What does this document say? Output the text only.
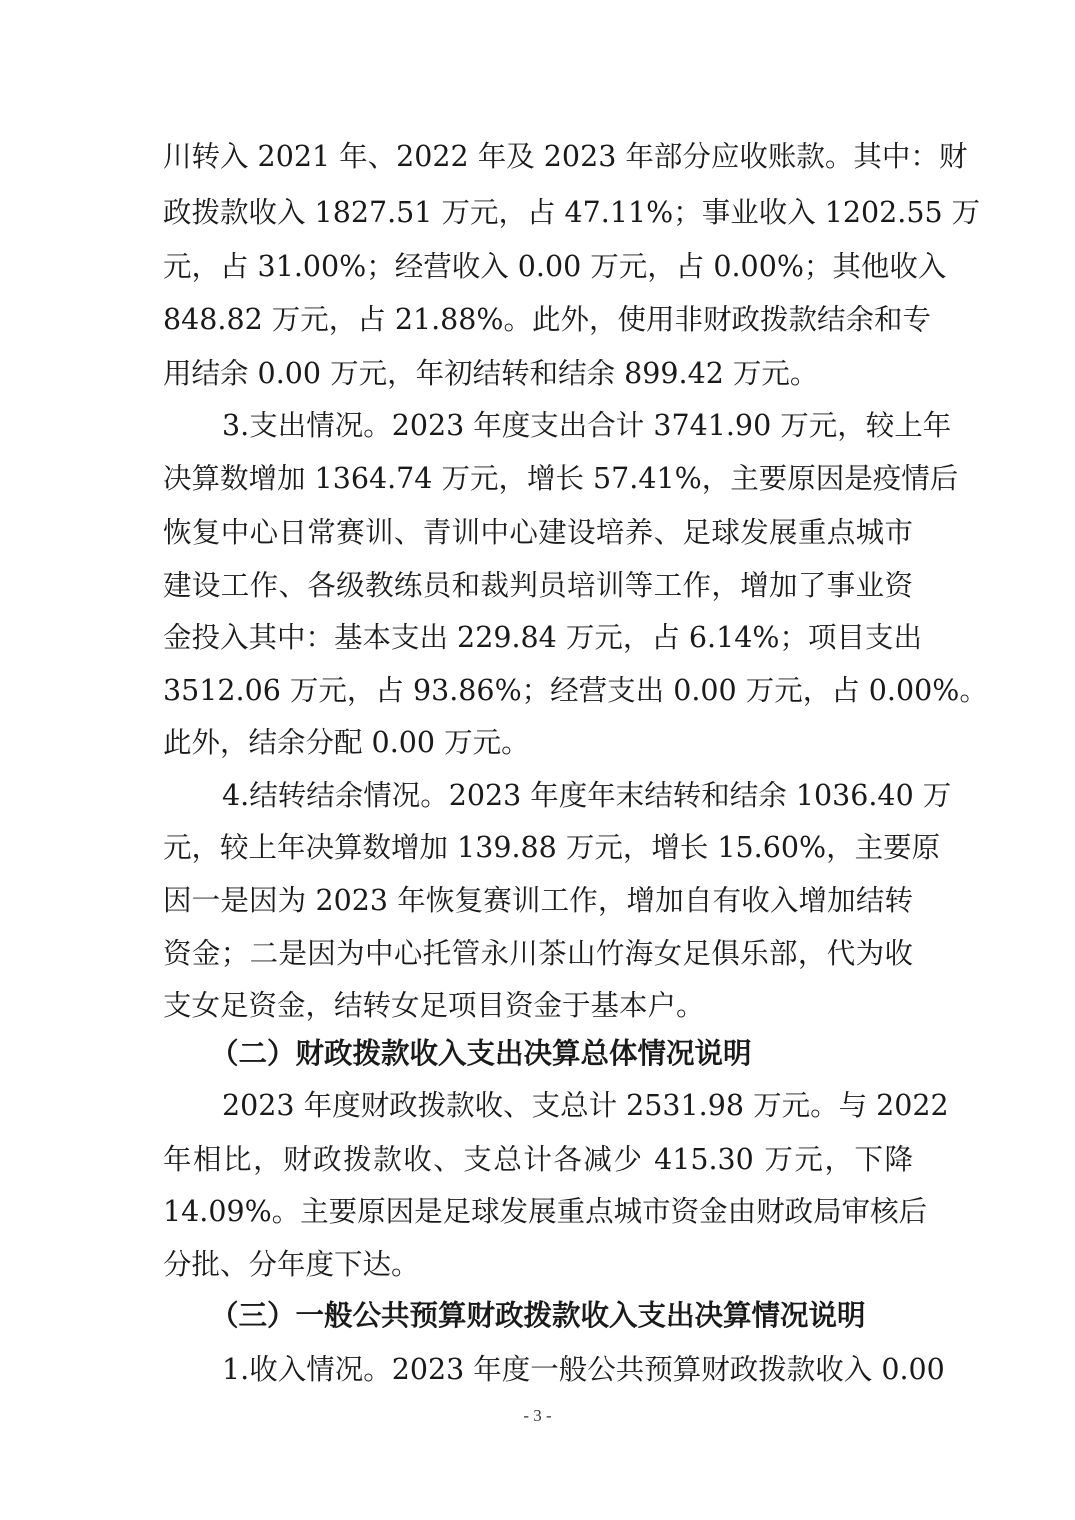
川转入 2021 年、2022 年及 2023 年部分应收账款。其中：财
政拨款收入 1827.51 万元，占 47.11%；事业收入 1202.55 万
元，占 31.00%；经营收入 0.00 万元，占 0.00%；其他收入
848.82 万元，占 21.88%。此外，使用非财政拨款结余和专
用结余 0.00 万元，年初结转和结余 899.42 万元。
3.支出情况。2023 年度支出合计 3741.90 万元，较上年
决算数增加 1364.74 万元，增长 57.41%，主要原因是疫情后
恢复中心日常赛训、青训中心建设培养、足球发展重点城市
建设工作、各级教练员和裁判员培训等工作，增加了事业资
金投入其中：基本支出 229.84 万元，占 6.14%；项目支出
3512.06 万元，占 93.86%；经营支出 0.00 万元，占 0.00%。
此外，结余分配 0.00 万元。
4.结转结余情况。2023 年度年末结转和结余 1036.40 万
元，较上年决算数增加 139.88 万元，增长 15.60%，主要原
因一是因为 2023 年恢复赛训工作，增加自有收入增加结转
资金；二是因为中心托管永川茶山竹海女足俱乐部，代为收
支女足资金，结转女足项目资金于基本户。
（二）财政拨款收入支出决算总体情况说明
2023 年度财政拨款收、支总计 2531.98 万元。与 2022
年相比，财政拨款收、支总计各减少 415.30 万元，下降
14.09%。主要原因是足球发展重点城市资金由财政局审核后
分批、分年度下达。
（三）一般公共预算财政拨款收入支出决算情况说明
1.收入情况。2023 年度一般公共预算财政拨款收入 0.00
- 3 -
